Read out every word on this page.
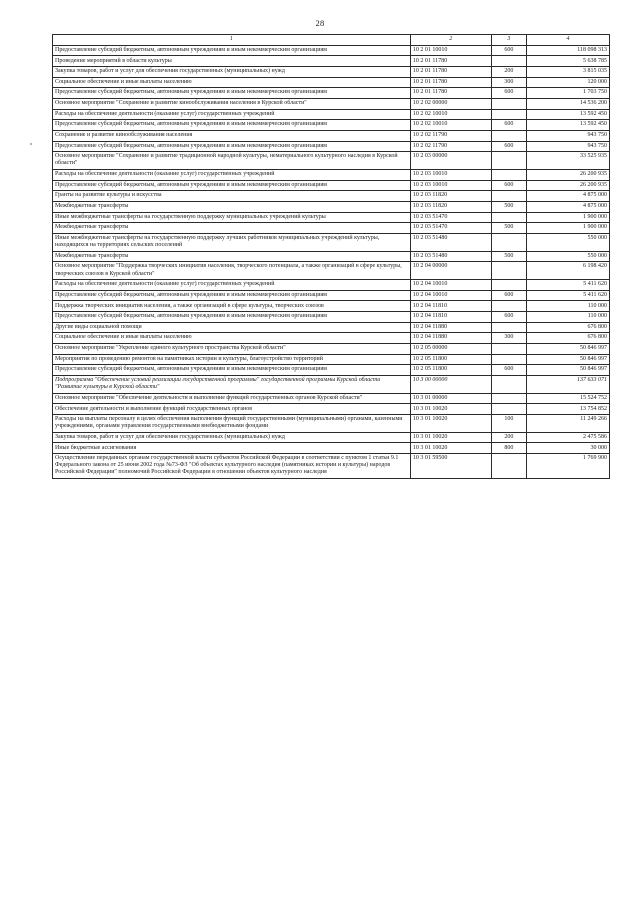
28
1	2	3	4
Предоставление субсидий бюджетным, автономным учреждениям и иным некоммерческим организациям	10 2 01 10010	600	118 098 313
Проведение мероприятий в области культуры	10 2 01 11780		5 638 785
Закупка товаров, работ и услуг для обеспечения государственных (муниципальных) нужд	10 2 01 11780	200	3 815 035
Социальное обеспечение и иные выплаты населению	10 2 01 11780	300	120 000
Предоставление субсидий бюджетным, автономным учреждениям и иным некоммерческим организациям	10 2 01 11780	600	1 703 750
Основное мероприятие "Сохранение и развитие кинообслуживания населения в Курской области"	10 2 02 00000		14 536 200
Расходы на обеспечение деятельности (оказание услуг) государственных учреждений	10 2 02 10010		13 592 450
Предоставление субсидий бюджетным, автономным учреждениям и иным некоммерческим организациям	10 2 02 10010	600	13 592 450
Сохранение и развитие кинообслуживания населения	10 2 02 11790		943 750
Предоставление субсидий бюджетным, автономным учреждениям и иным некоммерческим организациям	10 2 02 11790	600	943 750
Основное мероприятие "Сохранение и развитие традиционной народной культуры, нематериального культурного наследия в Курской области"	10 2 03 00000		33 525 935
Расходы на обеспечение деятельности (оказание услуг) государственных учреждений	10 2 03 10010		26 200 935
Предоставление субсидий бюджетным, автономным учреждениям и иным некоммерческим организациям	10 2 03 10010	600	26 200 935
Гранты на развитие культуры и искусства	10 2 03 11820		4 875 000
Межбюджетные трансферты	10 2 03 11820	500	4 875 000
Иные межбюджетные трансферты на государственную поддержку муниципальных учреждений культуры	10 2 03 51470		1 900 000
Межбюджетные трансферты	10 2 03 51470	500	1 900 000
Иные межбюджетные трансферты на государственную поддержку лучших работников муниципальных учреждений культуры, находящихся на территориях сельских поселений	10 2 03 51480		550 000
Межбюджетные трансферты	10 2 03 51480	500	550 000
Основное мероприятие "Поддержка творческих инициатив населения, творческого потенциала, а также организаций в сфере культуры, творческих союзов в Курской области"	10 2 04 00000		6 198 420
Расходы на обеспечение деятельности (оказание услуг) государственных учреждений	10 2 04 10010		5 411 620
Предоставление субсидий бюджетным, автономным учреждениям и иным некоммерческим организациям	10 2 04 10010	600	5 411 620
Поддержка творческих инициатив населения, а также организаций в сфере культуры, творческих союзов	10 2 04 11810		110 000
Предоставление субсидий бюджетным, автономным учреждениям и иным некоммерческим организациям	10 2 04 11810	600	110 000
Другие виды социальной помощи	10 2 04 11880		676 800
Социальное обеспечение и иные выплаты населению	10 2 04 11880	300	676 800
Основное мероприятие "Укрепление единого культурного пространства Курской области"	10 2 05 00000		50 846 997
Мероприятия по проведению ремонтов на памятниках истории и культуры, благоустройство территорий	10 2 05 11800		50 846 997
Предоставление субсидий бюджетным, автономным учреждениям и иным некоммерческим организациям	10 2 05 11800	600	50 846 997
Подпрограмма "Обеспечение условий реализации государственной программы" государственной программы Курской области "Развитие культуры в Курской области"	10 3 00 00000		137 633 071
Основное мероприятие "Обеспечение деятельности и выполнение функций государственных органов Курской области"	10 3 01 00000		15 524 752
Обеспечение деятельности и выполнение функций государственных органов	10 3 01 10020		13 754 852
Расходы на выплаты персоналу в целях обеспечения выполнения функций государственными (муниципальными) органами, казенными учреждениями, органами управления государственными внебюджетными фондами	10 3 01 10020	100	11 249 266
Закупка товаров, работ и услуг для обеспечения государственных (муниципальных) нужд	10 3 01 10020	200	2 475 586
Иные бюджетные ассигнования	10 3 01 10020	800	30 000
Осуществление переданных органам государственной власти субъектов Российской Федерации в соответствии с пунктом 1 статьи 9.1 Федерального закона от 25 июня 2002 года №73-ФЗ "Об объектах культурного наследия (памятниках истории и культуры) народов Российской Федерации" полномочий Российской Федерации в отношении объектов культурного наследия	10 3 01 59500		1 769 900
